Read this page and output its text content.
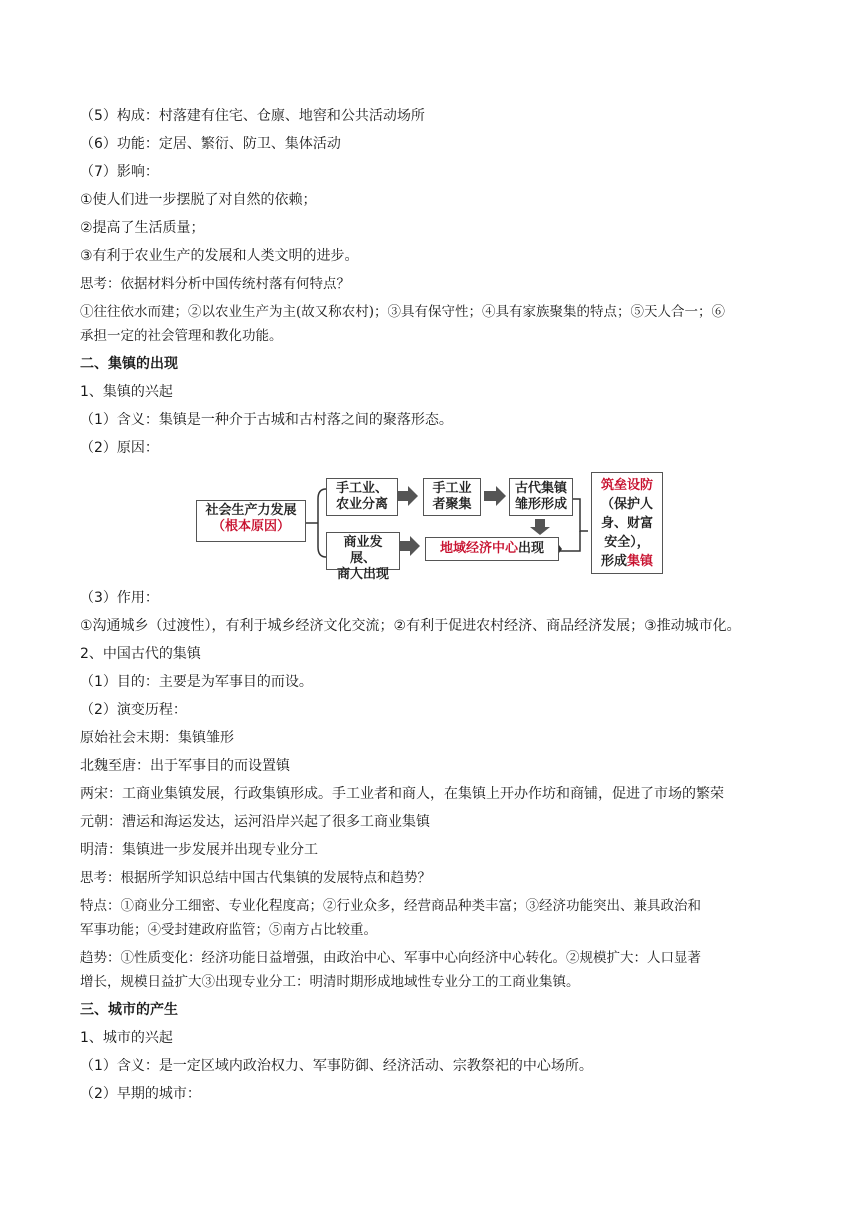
（5）构成：村落建有住宅、仓廪、地窖和公共活动场所
（6）功能：定居、繁衍、防卫、集体活动
（7）影响：
①使人们进一步摆脱了对自然的依赖；
②提高了生活质量；
③有利于农业生产的发展和人类文明的进步。
思考：依据材料分析中国传统村落有何特点？
①往往依水而建；②以农业生产为主(故又称农村)；③具有保守性；④具有家族聚集的特点；⑤天人合一；⑥
承担一定的社会管理和教化功能。
二、集镇的出现
1、集镇的兴起
（1）含义：集镇是一种介于古城和古村落之间的聚落形态。
（2）原因：
社会生产力发展
（根本原因）
手工业、
农业分离
手工业
者聚集
古代集镇
雏形形成
商业发展、
商人出现
地域经济中心出现
筑垒设防
（保护人
身、财富
安全），
形成集镇
（3）作用：
①沟通城乡（过渡性），有利于城乡经济文化交流；②有利于促进农村经济、商品经济发展；③推动城市化。
2、中国古代的集镇
（1）目的：主要是为军事目的而设。
（2）演变历程：
原始社会末期：集镇雏形
北魏至唐：出于军事目的而设置镇
两宋：工商业集镇发展，行政集镇形成。手工业者和商人，在集镇上开办作坊和商铺，促进了市场的繁荣
元朝：漕运和海运发达，运河沿岸兴起了很多工商业集镇
明清：集镇进一步发展并出现专业分工
思考：根据所学知识总结中国古代集镇的发展特点和趋势？
特点：①商业分工细密、专业化程度高；②行业众多，经营商品种类丰富；③经济功能突出、兼具政治和
军事功能；④受封建政府监管；⑤南方占比较重。
趋势：①性质变化：经济功能日益增强，由政治中心、军事中心向经济中心转化。②规模扩大：人口显著
增长，规模日益扩大③出现专业分工：明清时期形成地域性专业分工的工商业集镇。
三、城市的产生
1、城市的兴起
（1）含义：是一定区域内政治权力、军事防御、经济活动、宗教祭祀的中心场所。
（2）早期的城市：
